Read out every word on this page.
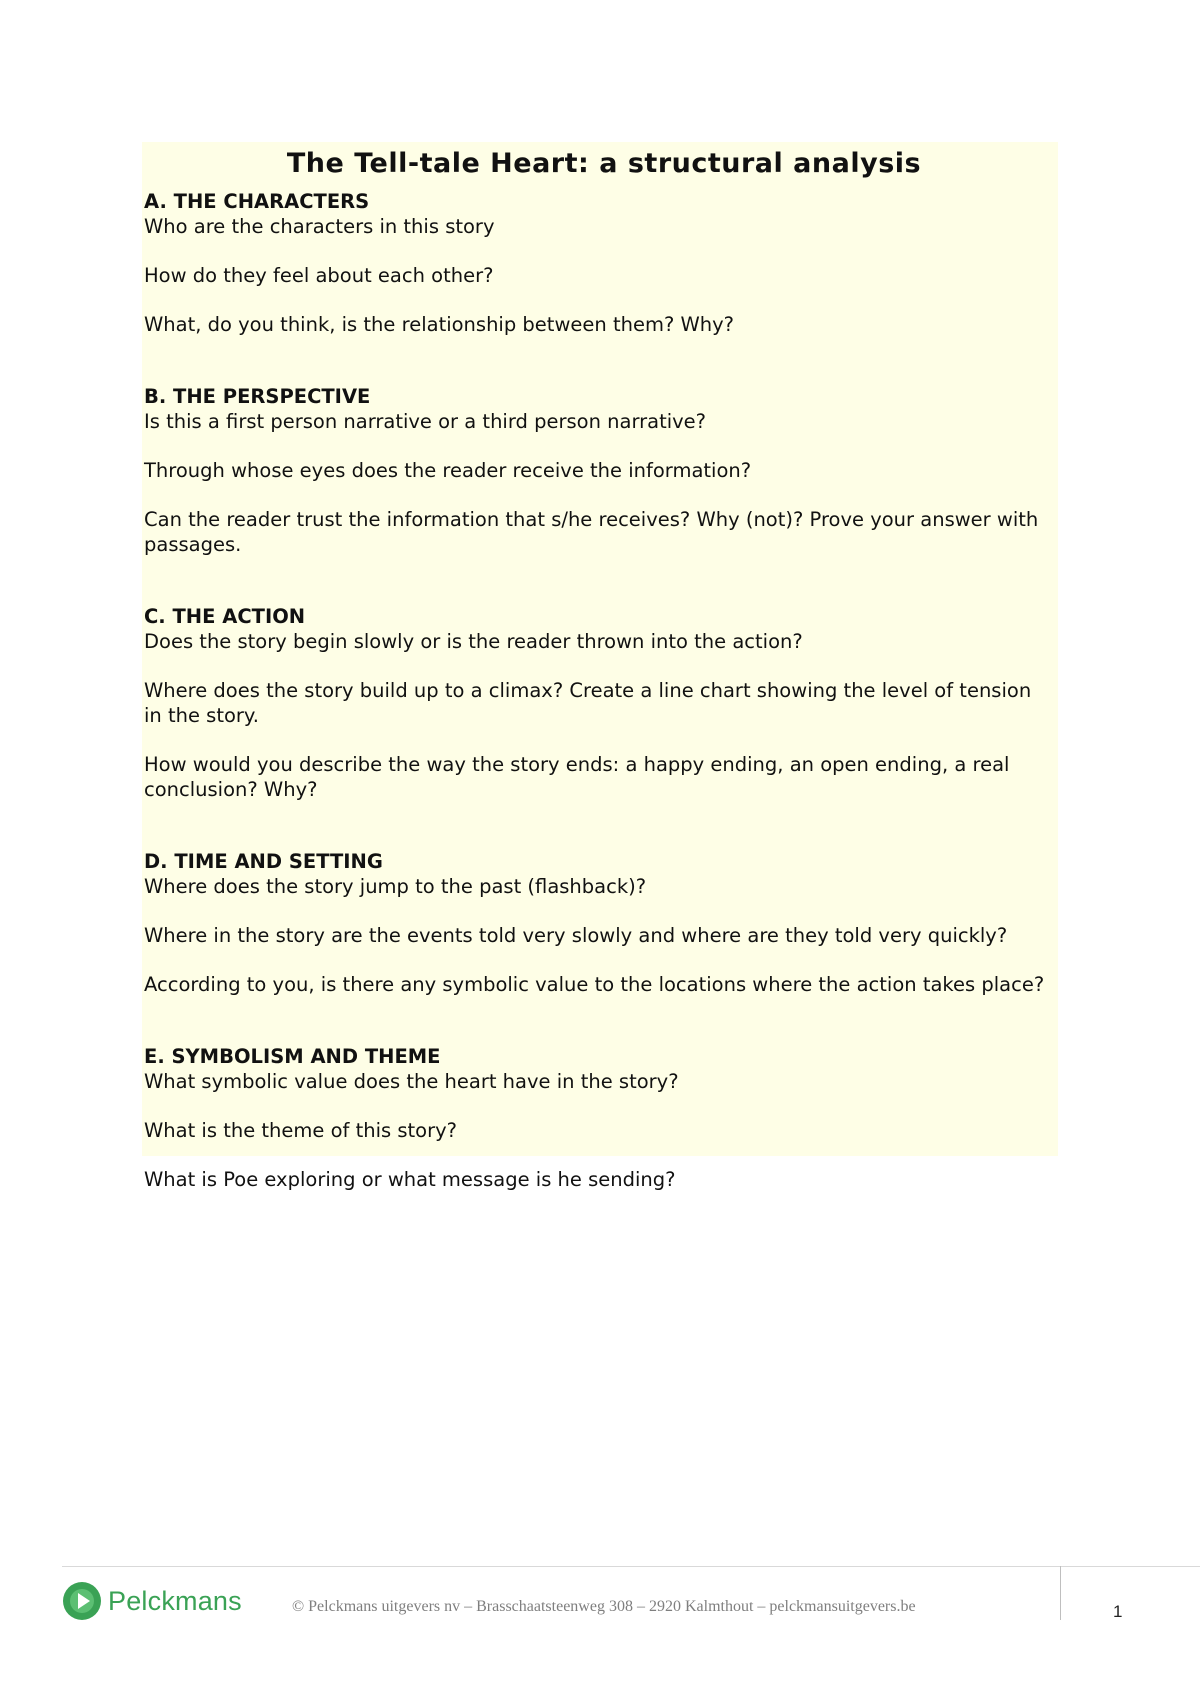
The Tell-tale Heart: a structural analysis
A. THE CHARACTERS

Who are the characters in this story

How do they feel about each other?

What, do you think, is the relationship between them? Why?

B. THE PERSPECTIVE

Is this a first person narrative or a third person narrative?

Through whose eyes does the reader receive the information?

Can the reader trust the information that s/he receives? Why (not)? Prove your answer with passages.

C. THE ACTION

Does the story begin slowly or is the reader thrown into the action?

Where does the story build up to a climax? Create a line chart showing the level of tension in the story.

How would you describe the way the story ends: a happy ending, an open ending, a real conclusion? Why?

D. TIME AND SETTING

Where does the story jump to the past (flashback)?

Where in the story are the events told very slowly and where are they told very quickly?

According to you, is there any symbolic value to the locations where the action takes place?

E. SYMBOLISM AND THEME

What symbolic value does the heart have in the story?

What is the theme of this story?

What is Poe exploring or what message is he sending?

Pelckmans	© Pelckmans uitgevers nv – Brasschaatsteenweg 308 – 2920 Kalmthout – pelckmansuitgevers.be	1
